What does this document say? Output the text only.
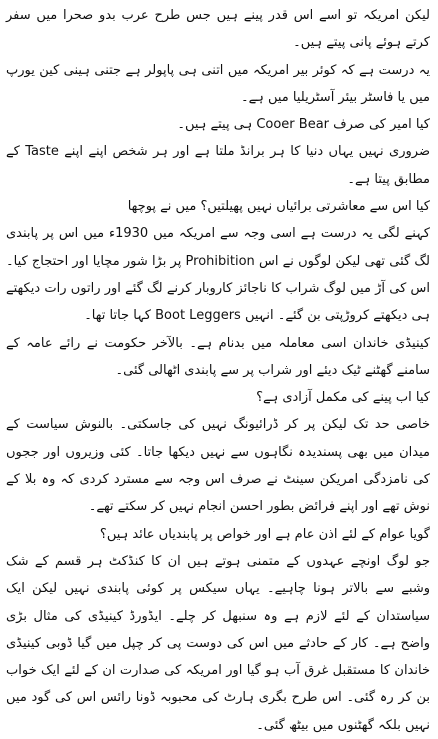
لیکن امریکہ تو اسے اس قدر پینے ہیں جس طرح عرب بدو صحرا میں سفر کرتے ہوئے پانی پیتے ہیں۔

یہ درست ہے کہ کوئر بیر امریکہ میں اتنی ہی پاپولر ہے جتنی ہینی کین یورپ میں یا فاسٹر بیئر آسٹریلیا میں ہے۔

کیا امیر کی صرف Cooer Bear ہی پیتے ہیں۔

ضروری نہیں یہاں دنیا کا ہر برانڈ ملتا ہے اور ہر شخص اپنے اپنے Taste کے مطابق پیتا ہے۔

کیا اس سے معاشرتی برائیاں نہیں پھیلتیں؟ میں نے پوچھا

کہنے لگی یہ درست ہے اسی وجہ سے امریکہ میں 1930ء میں اس پر پابندی لگ گئی تھی لیکن لوگوں نے اس Prohibition پر بڑا شور مچایا اور احتجاج کیا۔ اس کی آڑ میں لوگ شراب کا ناجائز کاروبار کرنے لگ گئے اور راتوں رات دیکھتے ہی دیکھتے کروڑپتی بن گئے۔ انہیں Boot Leggers کہا جاتا تھا۔

کینیڈی خاندان اسی معاملہ میں بدنام ہے۔ بالآخر حکومت نے رائے عامہ کے سامنے گھٹنے ٹیک دیئے اور شراب پر سے پابندی اٹھالی گئی۔

کیا اب پینے کی مکمل آزادی ہے؟

خاصی حد تک لیکن پر کر ڈرائیونگ نہیں کی جاسکتی۔ بالنوش سیاست کے میدان میں بھی پسندیدہ نگاہوں سے نہیں دیکھا جاتا۔ کئی وزیروں اور ججوں کی نامزدگی امریکن سینٹ نے صرف اس وجہ سے مسترد کردی کہ وہ بلا کے نوش تھے اور اپنے فرائض بطور احسن انجام نہیں کر سکتے تھے۔

گویا عوام کے لئے اذن عام ہے اور خواص پر پابندیاں عائد ہیں؟

جو لوگ اونچے عہدوں کے متمنی ہوتے ہیں ان کا کنڈکٹ ہر قسم کے شک وشبے سے بالاتر ہونا چاہیے۔ یہاں سیکس پر کوئی پابندی نہیں لیکن ایک سیاستدان کے لئے لازم ہے وہ سنبھل کر چلے۔ ایڈورڈ کینیڈی کی مثال بڑی واضح ہے۔ کار کے حادثے میں اس کی دوست پی کر چپل میں گیا ڈوبی کینیڈی خاندان کا مستقبل غرق آب ہو گیا اور امریکہ کی صدارت ان کے لئے ایک خواب بن کر رہ گئی۔ اس طرح بگری ہارٹ کی محبوبہ ڈونا رائس اس کی گود میں نہیں بلکہ گھٹنوں میں بیٹھ گئی۔
